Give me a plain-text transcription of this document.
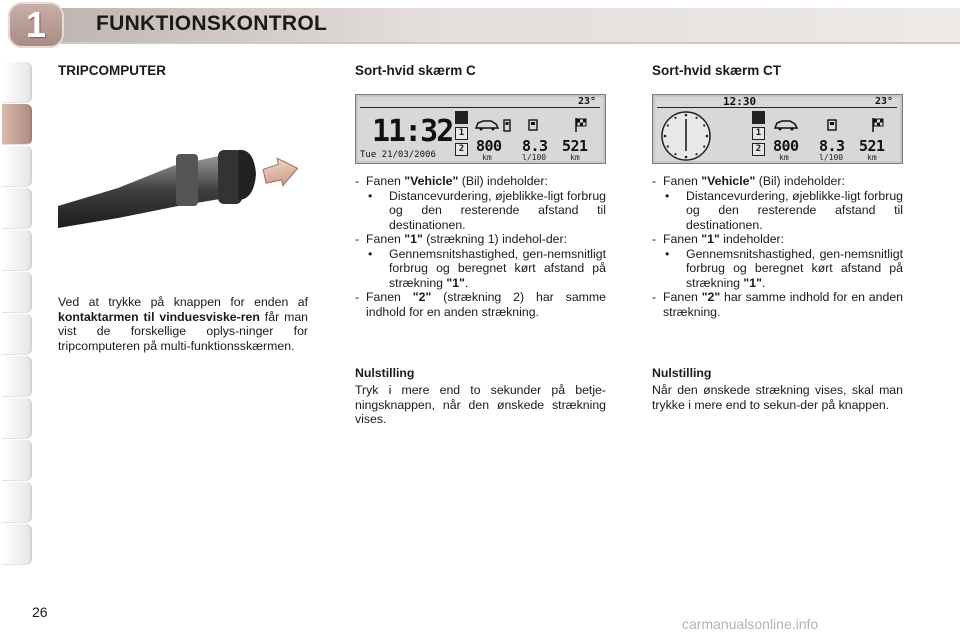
1	FUNKTIONSKONTROL
TRIPCOMPUTER
Ved at trykke på knappen for enden af kontaktarmen til vinduesviske-ren får man vist de forskellige oplys-ninger for tripcomputeren på multi-funktionsskærmen.
Sort-hvid skærm C
23°
11:32
Tue 21/03/2006
1
2 800 8.3 521
km	l/100	km
- Fanen "Vehicle" (Bil) indeholder:
• Distancevurdering, øjeblikke-ligt forbrug og den resterende afstand til destinationen.
- Fanen "1" (strækning 1) indehol-der:
• Gennemsnitshastighed, gen-nemsnitligt forbrug og beregnet kørt afstand på strækning "1".
- Fanen "2" (strækning 2) har samme indhold for en anden strækning.
Nulstilling
Tryk i mere end to sekunder på betje-ningsknappen, når den ønskede strækning vises.
Sort-hvid skærm CT
12:30	23°
1
2 800 8.3 521
km	l/100	km
- Fanen "Vehicle" (Bil) indeholder:
• Distancevurdering, øjeblikke-ligt forbrug og den resterende afstand til destinationen.
- Fanen "1" indeholder:
• Gennemsnitshastighed, gen-nemsnitligt forbrug og beregnet kørt afstand på strækning "1".
- Fanen "2" har samme indhold for en anden strækning.
Nulstilling
Når den ønskede strækning vises, skal man trykke i mere end to sekun-der på knappen.
26
carmanualsonline.info
